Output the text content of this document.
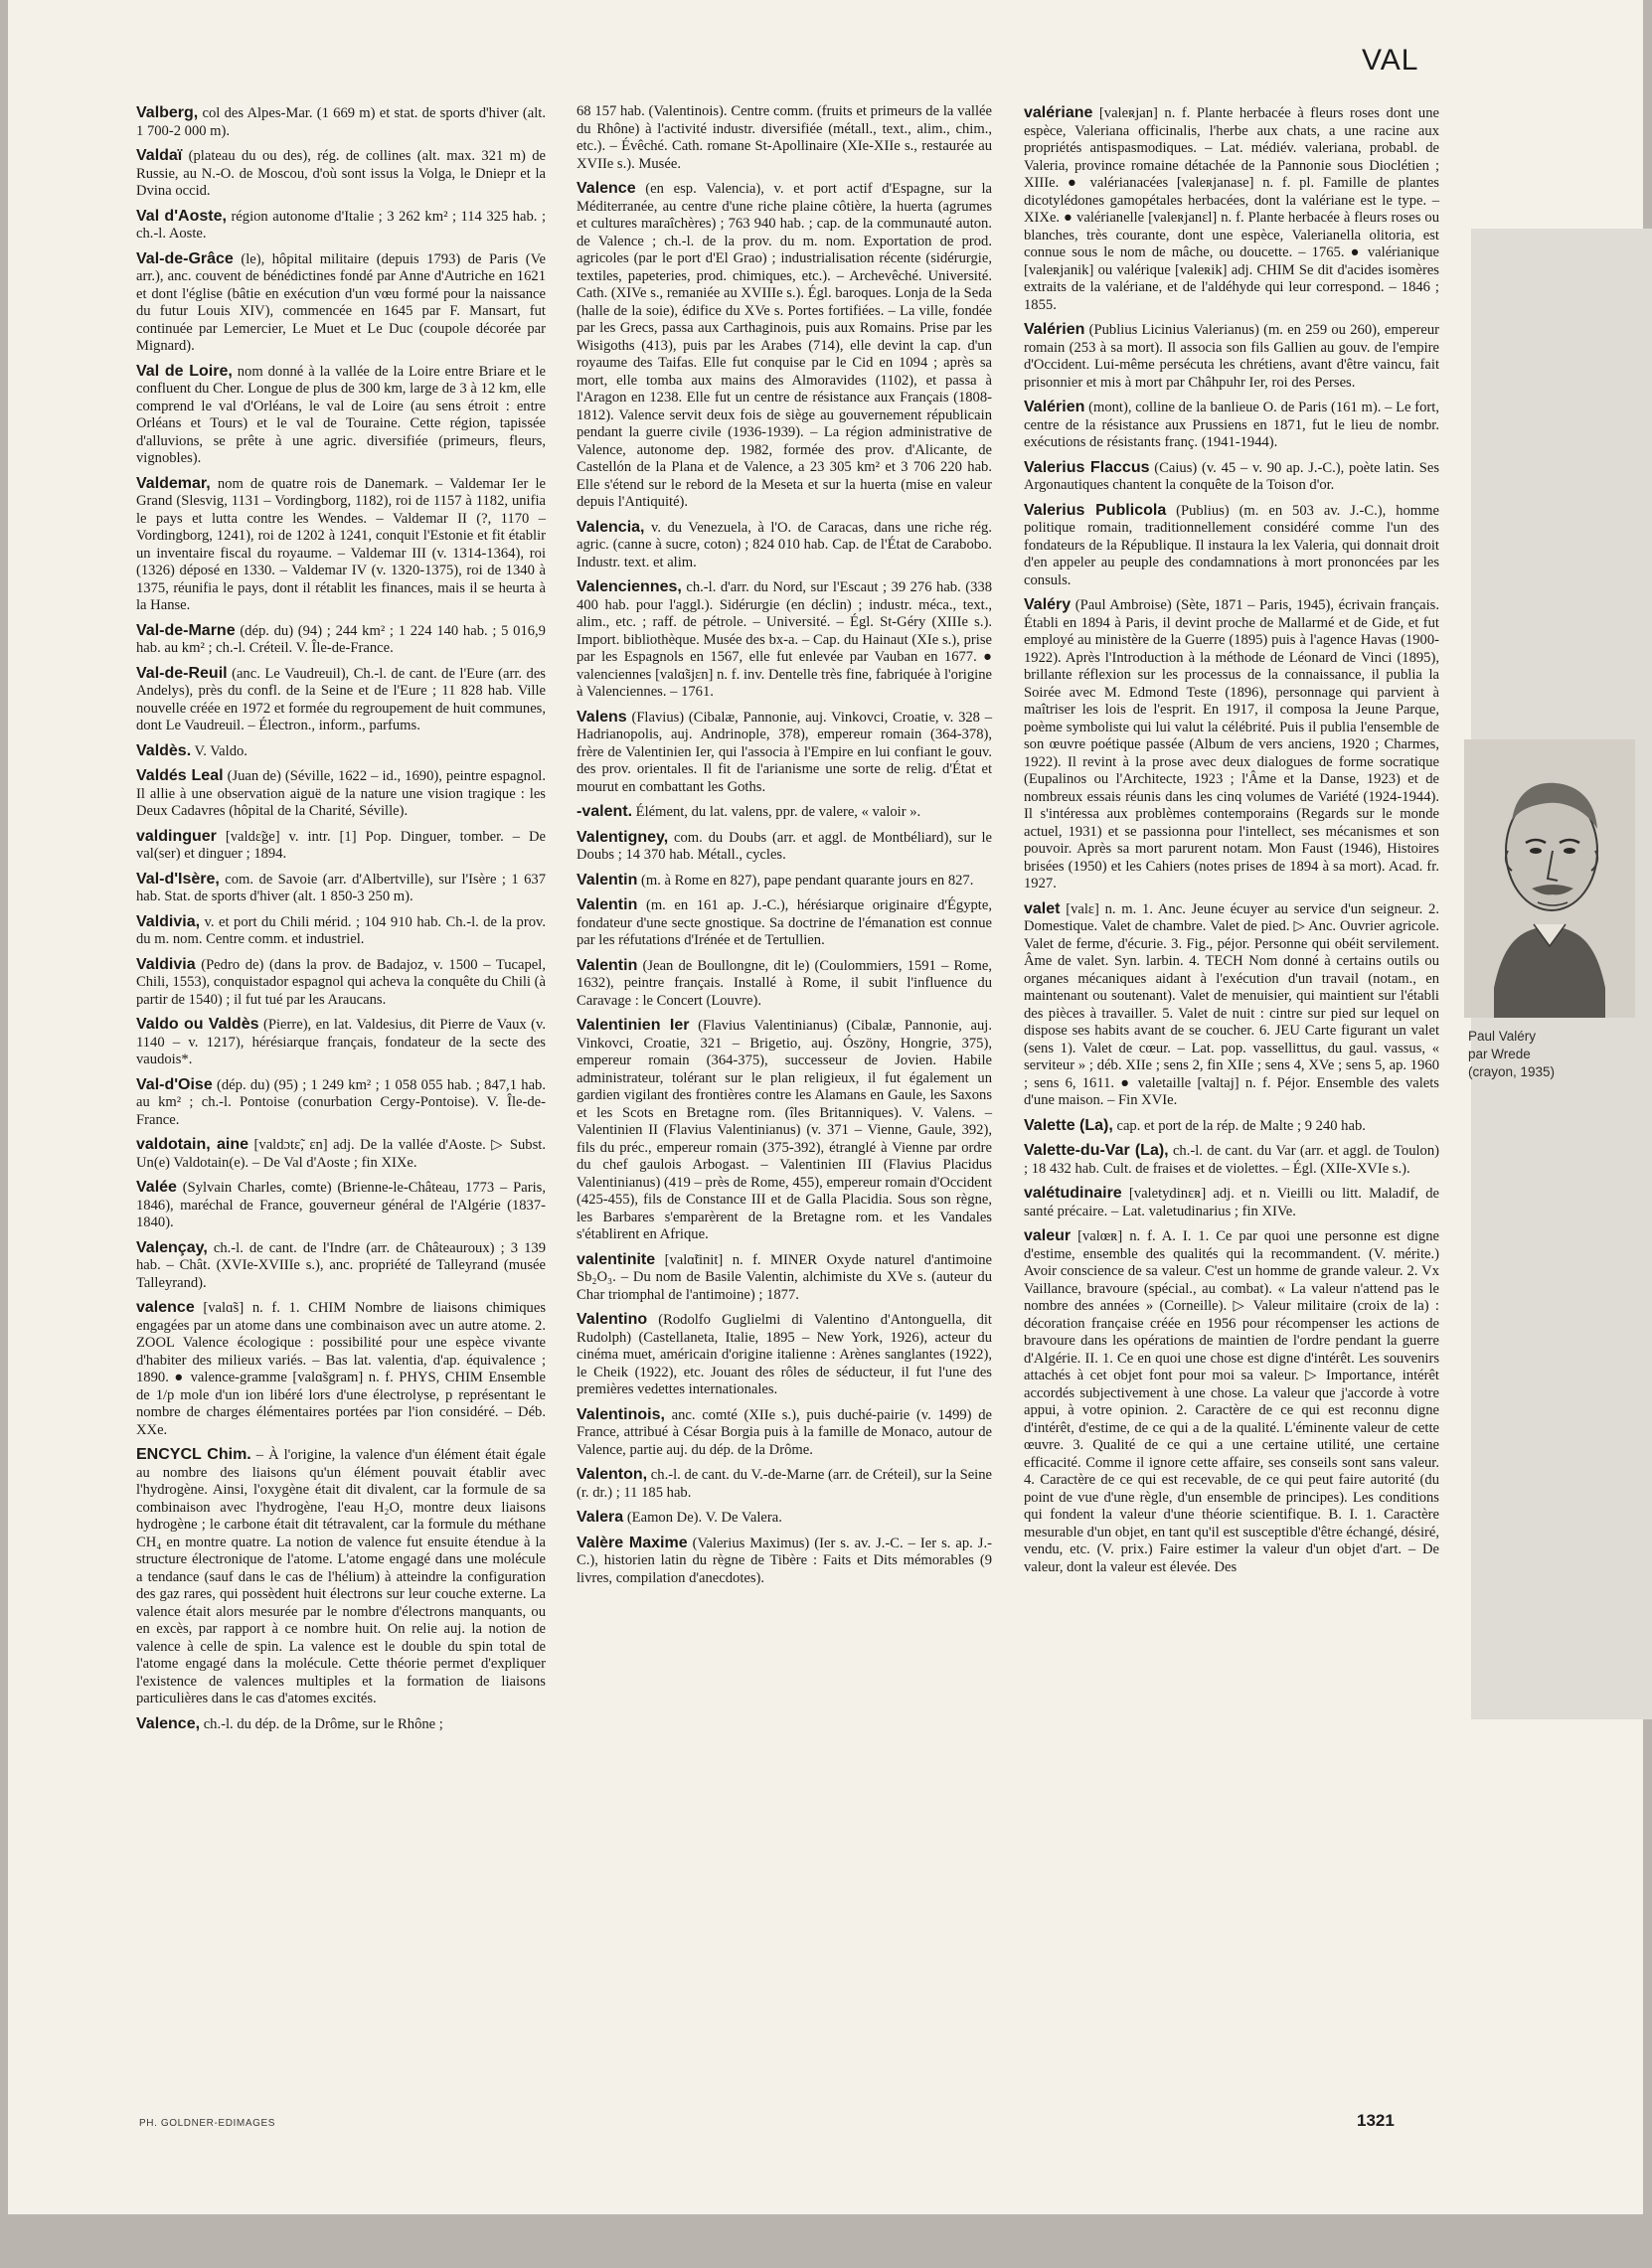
VAL

Valberg, col des Alpes-Mar. (1 669 m) et stat. de sports d'hiver (alt. 1 700-2 000 m).

Valdaï (plateau du ou des), rég. de collines (alt. max. 321 m) de Russie, au N.-O. de Moscou, d'où sont issus la Volga, le Dniepr et la Dvina occid.

Val d'Aoste, région autonome d'Italie ; 3 262 km² ; 114 325 hab. ; ch.-l. Aoste.

Val-de-Grâce (le), hôpital militaire (depuis 1793) de Paris (Ve arr.), anc. couvent de bénédictines fondé par Anne d'Autriche en 1621 et dont l'église (bâtie en exécution d'un vœu formé pour la naissance du futur Louis XIV), commencée en 1645 par F. Mansart, fut continuée par Lemercier, Le Muet et Le Duc (coupole décorée par Mignard).

Val de Loire, nom donné à la vallée de la Loire entre Briare et le confluent du Cher. Longue de plus de 300 km, large de 3 à 12 km, elle comprend le val d'Orléans, le val de Loire (au sens étroit : entre Orléans et Tours) et le val de Touraine. Cette région, tapissée d'alluvions, se prête à une agric. diversifiée (primeurs, fleurs, vignobles).

Valdemar, nom de quatre rois de Danemark. – Valdemar Ier le Grand (Slesvig, 1131 – Vordingborg, 1182), roi de 1157 à 1182, unifia le pays et lutta contre les Wendes. – Valdemar II (?, 1170 – Vordingborg, 1241), roi de 1202 à 1241, conquit l'Estonie et fit établir un inventaire fiscal du royaume. – Valdemar III (v. 1314-1364), roi (1326) déposé en 1330. – Valdemar IV (v. 1320-1375), roi de 1340 à 1375, réunifia le pays, dont il rétablit les finances, mais il se heurta à la Hanse.

Val-de-Marne (dép. du) (94) ; 244 km² ; 1 224 140 hab. ; 5 016,9 hab. au km² ; ch.-l. Créteil. V. Île-de-France.

Val-de-Reuil (anc. Le Vaudreuil), Ch.-l. de cant. de l'Eure (arr. des Andelys), près du confl. de la Seine et de l'Eure ; 11 828 hab. Ville nouvelle créée en 1972 et formée du regroupement de huit communes, dont Le Vaudreuil. – Électron., inform., parfums.

Valdès. V. Valdo.

Valdés Leal (Juan de) (Séville, 1622 – id., 1690), peintre espagnol. Il allie à une observation aiguë de la nature une vision tragique : les Deux Cadavres (hôpital de la Charité, Séville).

valdinguer [valdɛ̃ge] v. intr. [1] Pop. Dinguer, tomber. – De val(ser) et dinguer ; 1894.

Val-d'Isère, com. de Savoie (arr. d'Albertville), sur l'Isère ; 1 637 hab. Stat. de sports d'hiver (alt. 1 850-3 250 m).

Valdivia, v. et port du Chili mérid. ; 104 910 hab. Ch.-l. de la prov. du m. nom. Centre comm. et industriel.

Valdivia (Pedro de) (dans la prov. de Badajoz, v. 1500 – Tucapel, Chili, 1553), conquistador espagnol qui acheva la conquête du Chili (à partir de 1540) ; il fut tué par les Araucans.

Valdo ou Valdès (Pierre), en lat. Valdesius, dit Pierre de Vaux (v. 1140 – v. 1217), hérésiarque français, fondateur de la secte des vaudois*.

Val-d'Oise (dép. du) (95) ; 1 249 km² ; 1 058 055 hab. ; 847,1 hab. au km² ; ch.-l. Pontoise (conurbation Cergy-Pontoise). V. Île-de-France.

valdotain, aine [valdɔtɛ̃, ɛn] adj. De la vallée d'Aoste. ▷ Subst. Un(e) Valdotain(e). – De Val d'Aoste ; fin XIXe.

Valée (Sylvain Charles, comte) (Brienne-le-Château, 1773 – Paris, 1846), maréchal de France, gouverneur général de l'Algérie (1837-1840).

Valençay, ch.-l. de cant. de l'Indre (arr. de Châteauroux) ; 3 139 hab. – Chât. (XVIe-XVIIIe s.), anc. propriété de Talleyrand (musée Talleyrand).

valence [valɑ̃s] n. f. 1. CHIM Nombre de liaisons chimiques engagées par un atome dans une combinaison avec un autre atome. 2. ZOOL Valence écologique : possibilité pour une espèce vivante d'habiter des milieux variés. – Bas lat. valentia, d'ap. équivalence ; 1890. ● valence-gramme [valɑ̃sgram] n. f. PHYS, CHIM Ensemble de 1/p mole d'un ion libéré lors d'une électrolyse, p représentant le nombre de charges élémentaires portées par l'ion considéré. – Déb. XXe.

ENCYCL Chim. – À l'origine, la valence d'un élément était égale au nombre des liaisons qu'un élément pouvait établir avec l'hydrogène. Ainsi, l'oxygène était dit divalent, car la formule de sa combinaison avec l'hydrogène, l'eau H₂O, montre deux liaisons hydrogène ; le carbone était dit tétravalent, car la formule du méthane CH₄ en montre quatre. La notion de valence fut ensuite étendue à la structure électronique de l'atome. L'atome engagé dans une molécule a tendance (sauf dans le cas de l'hélium) à atteindre la configuration des gaz rares, qui possèdent huit électrons sur leur couche externe. La valence était alors mesurée par le nombre d'électrons manquants, ou en excès, par rapport à ce nombre huit. On relie auj. la notion de valence à celle de spin. La valence est le double du spin total de l'atome engagé dans la molécule. Cette théorie permet d'expliquer l'existence de valences multiples et la formation de liaisons particulières dans le cas d'atomes excités.

Valence, ch.-l. du dép. de la Drôme, sur le Rhône ;

68 157 hab. (Valentinois). Centre comm. (fruits et primeurs de la vallée du Rhône) à l'activité industr. diversifiée (métall., text., alim., chim., etc.). – Évêché. Cath. romane St-Apollinaire (XIe-XIIe s., restaurée au XVIIe s.). Musée.

Valence (en esp. Valencia), v. et port actif d'Espagne, sur la Méditerranée, au centre d'une riche plaine côtière, la huerta (agrumes et cultures maraîchères) ; 763 940 hab. ; cap. de la communauté auton. de Valence ; ch.-l. de la prov. du m. nom. Exportation de prod. agricoles (par le port d'El Grao) ; industrialisation récente (sidérurgie, textiles, papeteries, prod. chimiques, etc.). – Archevêché. Université. Cath. (XIVe s., remaniée au XVIIIe s.). Égl. baroques. Lonja de la Seda (halle de la soie), édifice du XVe s. Portes fortifiées. – La ville, fondée par les Grecs, passa aux Carthaginois, puis aux Romains. Prise par les Wisigoths (413), puis par les Arabes (714), elle devint la cap. d'un royaume des Taifas. Elle fut conquise par le Cid en 1094 ; après sa mort, elle tomba aux mains des Almoravides (1102), et passa à l'Aragon en 1238. Elle fut un centre de résistance aux Français (1808-1812). Valence servit deux fois de siège au gouvernement républicain pendant la guerre civile (1936-1939). – La région administrative de Valence, autonome dep. 1982, formée des prov. d'Alicante, de Castellón de la Plana et de Valence, a 23 305 km² et 3 706 220 hab. Elle s'étend sur le rebord de la Meseta et sur la huerta (mise en valeur depuis l'Antiquité).

Valencia, v. du Venezuela, à l'O. de Caracas, dans une riche rég. agric. (canne à sucre, coton) ; 824 010 hab. Cap. de l'État de Carabobo. Industr. text. et alim.

Valenciennes, ch.-l. d'arr. du Nord, sur l'Escaut ; 39 276 hab. (338 400 hab. pour l'aggl.). Sidérurgie (en déclin) ; industr. méca., text., alim., etc. ; raff. de pétrole. – Université. – Égl. St-Géry (XIIIe s.). Import. bibliothèque. Musée des bx-a. – Cap. du Hainaut (XIe s.), prise par les Espagnols en 1567, elle fut enlevée par Vauban en 1677. ● valenciennes [valɑ̃sjɛn] n. f. inv. Dentelle très fine, fabriquée à l'origine à Valenciennes. – 1761.

Valens (Flavius) (Cibalæ, Pannonie, auj. Vinkovci, Croatie, v. 328 – Hadrianopolis, auj. Andrinople, 378), empereur romain (364-378), frère de Valentinien Ier, qui l'associa à l'Empire en lui confiant le gouv. des prov. orientales. Il fit de l'arianisme une sorte de relig. d'État et mourut en combattant les Goths.

-valent. Élément, du lat. valens, ppr. de valere, « valoir ».

Valentigney, com. du Doubs (arr. et aggl. de Montbéliard), sur le Doubs ; 14 370 hab. Métall., cycles.

Valentin (m. à Rome en 827), pape pendant quarante jours en 827.

Valentin (m. en 161 ap. J.-C.), hérésiarque originaire d'Égypte, fondateur d'une secte gnostique. Sa doctrine de l'émanation est connue par les réfutations d'Irénée et de Tertullien.

Valentin (Jean de Boullongne, dit le) (Coulommiers, 1591 – Rome, 1632), peintre français. Installé à Rome, il subit l'influence du Caravage : le Concert (Louvre).

Valentinien Ier (Flavius Valentinianus) (Cibalæ, Pannonie, auj. Vinkovci, Croatie, 321 – Brigetio, auj. Ószöny, Hongrie, 375), empereur romain (364-375), successeur de Jovien. Habile administrateur, tolérant sur le plan religieux, il fut également un gardien vigilant des frontières contre les Alamans en Gaule, les Saxons et les Scots en Bretagne rom. (îles Britanniques). V. Valens. – Valentinien II (Flavius Valentinianus) (v. 371 – Vienne, Gaule, 392), fils du préc., empereur romain (375-392), étranglé à Vienne par ordre du chef gaulois Arbogast. – Valentinien III (Flavius Placidus Valentinianus) (419 – près de Rome, 455), empereur romain d'Occident (425-455), fils de Constance III et de Galla Placidia. Sous son règne, les Barbares s'emparèrent de la Bretagne rom. et les Vandales s'établirent en Afrique.

valentinite [valɑ̃tinit] n. f. MINER Oxyde naturel d'antimoine Sb₂O₃. – Du nom de Basile Valentin, alchimiste du XVe s. (auteur du Char triomphal de l'antimoine) ; 1877.

Valentino (Rodolfo Guglielmi di Valentino d'Antonguella, dit Rudolph) (Castellaneta, Italie, 1895 – New York, 1926), acteur du cinéma muet, américain d'origine italienne : Arènes sanglantes (1922), le Cheik (1922), etc. Jouant des rôles de séducteur, il fut l'une des premières vedettes internationales.

Valentinois, anc. comté (XIIe s.), puis duché-pairie (v. 1499) de France, attribué à César Borgia puis à la famille de Monaco, autour de Valence, partie auj. du dép. de la Drôme.

Valenton, ch.-l. de cant. du V.-de-Marne (arr. de Créteil), sur la Seine (r. dr.) ; 11 185 hab.

Valera (Eamon De). V. De Valera.

Valère Maxime (Valerius Maximus) (Ier s. av. J.-C. – Ier s. ap. J.-C.), historien latin du règne de Tibère : Faits et Dits mémorables (9 livres, compilation d'anecdotes).

valériane [valeʀjan] n. f. Plante herbacée à fleurs roses dont une espèce, Valeriana officinalis, l'herbe aux chats, a une racine aux propriétés antispasmodiques. – Lat. médiév. valeriana, probabl. de Valeria, province romaine détachée de la Pannonie sous Dioclétien ; XIIIe. ● valérianacées [valeʀjanase] n. f. pl. Famille de plantes dicotylédones gamopétales herbacées, dont la valériane est le type. – XIXe. ● valérianelle [valeʀjanɛl] n. f. Plante herbacée à fleurs roses ou blanches, très courante, dont une espèce, Valerianella olitoria, est connue sous le nom de mâche, ou doucette. – 1765. ● valérianique [valeʀjanik] ou valérique [valeʀik] adj. CHIM Se dit d'acides isomères extraits de la valériane, et de l'aldéhyde qui leur correspond. – 1846 ; 1855.

Valérien (Publius Licinius Valerianus) (m. en 259 ou 260), empereur romain (253 à sa mort). Il associa son fils Gallien au gouv. de l'empire d'Occident. Lui-même persécuta les chrétiens, avant d'être vaincu, fait prisonnier et mis à mort par Châhpuhr Ier, roi des Perses.

Valérien (mont), colline de la banlieue O. de Paris (161 m). – Le fort, centre de la résistance aux Prussiens en 1871, fut le lieu de nombr. exécutions de résistants franç. (1941-1944).

Valerius Flaccus (Caius) (v. 45 – v. 90 ap. J.-C.), poète latin. Ses Argonautiques chantent la conquête de la Toison d'or.

Valerius Publicola (Publius) (m. en 503 av. J.-C.), homme politique romain, traditionnellement considéré comme l'un des fondateurs de la République. Il instaura la lex Valeria, qui donnait droit d'en appeler au peuple des condamnations à mort prononcées par les consuls.

Valéry (Paul Ambroise) (Sète, 1871 – Paris, 1945), écrivain français. Établi en 1894 à Paris, il devint proche de Mallarmé et de Gide, et fut employé au ministère de la Guerre (1895) puis à l'agence Havas (1900-1922). Après l'Introduction à la méthode de Léonard de Vinci (1895), brillante réflexion sur les processus de la connaissance, il publia la Soirée avec M. Edmond Teste (1896), personnage qui parvient à maîtriser les lois de l'esprit. En 1917, il composa la Jeune Parque, poème symboliste qui lui valut la célébrité. Puis il publia l'ensemble de son œuvre poétique passée (Album de vers anciens, 1920 ; Charmes, 1922). Il revint à la prose avec deux dialogues de forme socratique (Eupalinos ou l'Architecte, 1923 ; l'Âme et la Danse, 1923) et de nombreux essais réunis dans les cinq volumes de Variété (1924-1944). Il s'intéressa aux problèmes contemporains (Regards sur le monde actuel, 1931) et se passionna pour l'intellect, ses mécanismes et son pouvoir. Après sa mort parurent notam. Mon Faust (1946), Histoires brisées (1950) et les Cahiers (notes prises de 1894 à sa mort). Acad. fr. 1927.

valet [valɛ] n. m. 1. Anc. Jeune écuyer au service d'un seigneur. 2. Domestique. Valet de chambre. Valet de pied. ▷ Anc. Ouvrier agricole. Valet de ferme, d'écurie. 3. Fig., péjor. Personne qui obéit servilement. Âme de valet. Syn. larbin. 4. TECH Nom donné à certains outils ou organes mécaniques aidant à l'exécution d'un travail (notam., en maintenant ou soutenant). Valet de menuisier, qui maintient sur l'établi des pièces à travailler. 5. Valet de nuit : cintre sur pied sur lequel on dispose ses habits avant de se coucher. 6. JEU Carte figurant un valet (sens 1). Valet de cœur. – Lat. pop. vassellittus, du gaul. vassus, « serviteur » ; déb. XIIe ; sens 2, fin XIIe ; sens 4, XVe ; sens 5, ap. 1960 ; sens 6, 1611. ● valetaille [valtaj] n. f. Péjor. Ensemble des valets d'une maison. – Fin XVIe.

Valette (La), cap. et port de la rép. de Malte ; 9 240 hab.

Valette-du-Var (La), ch.-l. de cant. du Var (arr. et aggl. de Toulon) ; 18 432 hab. Cult. de fraises et de violettes. – Égl. (XIIe-XVIe s.).

valétudinaire [valetydinɛʀ] adj. et n. Vieilli ou litt. Maladif, de santé précaire. – Lat. valetudinarius ; fin XIVe.

valeur [valœʀ] n. f. A. I. 1. Ce par quoi une personne est digne d'estime, ensemble des qualités qui la recommandent. (V. mérite.) Avoir conscience de sa valeur. C'est un homme de grande valeur. 2. Vx Vaillance, bravoure (spécial., au combat). « La valeur n'attend pas le nombre des années » (Corneille). ▷ Valeur militaire (croix de la) : décoration française créée en 1956 pour récompenser les actions de bravoure dans les opérations de maintien de l'ordre pendant la guerre d'Algérie. II. 1. Ce en quoi une chose est digne d'intérêt. Les souvenirs attachés à cet objet font pour moi sa valeur. ▷ Importance, intérêt accordés subjectivement à une chose. La valeur que j'accorde à votre appui, à votre opinion. 2. Caractère de ce qui est reconnu digne d'intérêt, d'estime, de ce qui a de la qualité. L'éminente valeur de cette œuvre. 3. Qualité de ce qui a une certaine utilité, une certaine efficacité. Comme il ignore cette affaire, ses conseils sont sans valeur. 4. Caractère de ce qui est recevable, de ce qui peut faire autorité (du point de vue d'une règle, d'un ensemble de principes). Les conditions qui fondent la valeur d'une théorie scientifique. B. I. 1. Caractère mesurable d'un objet, en tant qu'il est susceptible d'être échangé, désiré, vendu, etc. (V. prix.) Faire estimer la valeur d'un objet d'art. – De valeur, dont la valeur est élevée. Des

Paul Valéry
par Wrede
(crayon, 1935)
PH. GOLDNER-EDIMAGES	1321
